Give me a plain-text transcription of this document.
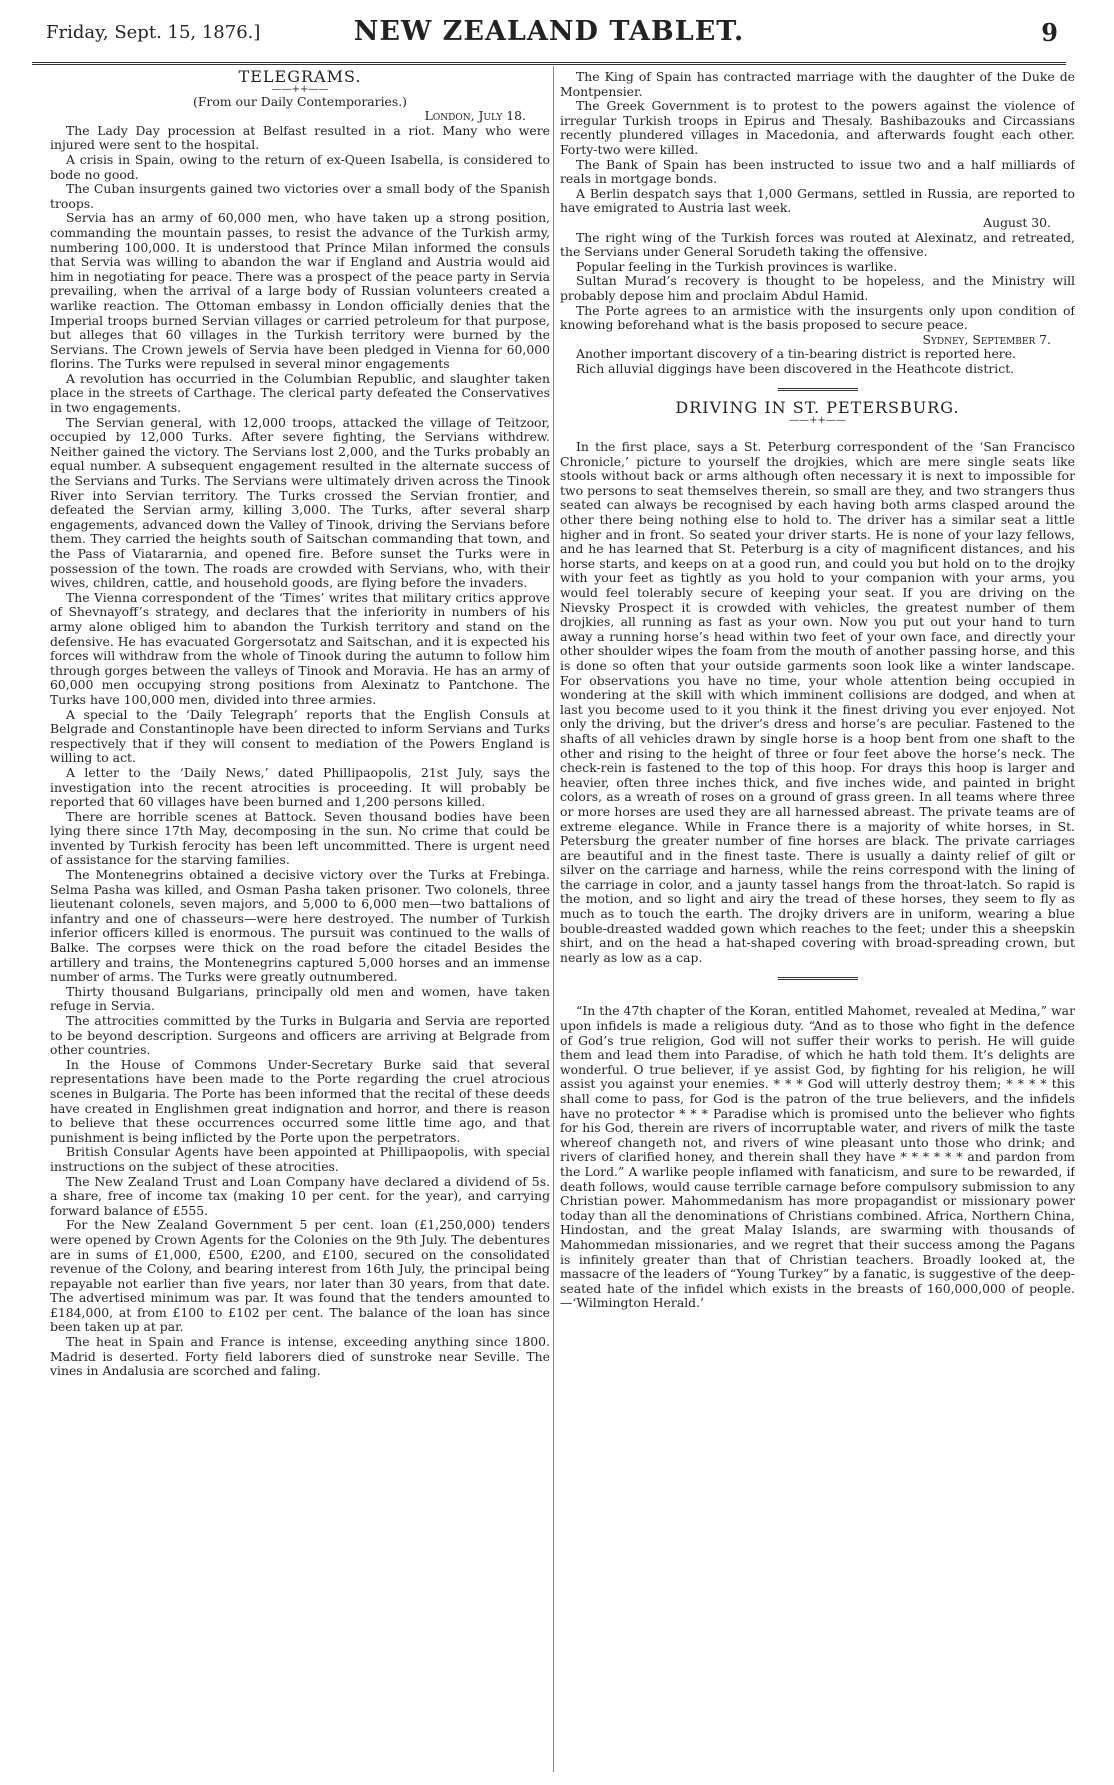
Friday, Sept. 15, 1876.]	NEW ZEALAND TABLET.	9
TELEGRAMS.
——++——

(From our Daily Contemporaries.)

London, July 18.

The Lady Day procession at Belfast resulted in a riot. Many who were injured were sent to the hospital.

A crisis in Spain, owing to the return of ex-Queen Isabella, is considered to bode no good.

The Cuban insurgents gained two victories over a small body of the Spanish troops.

Servia has an army of 60,000 men, who have taken up a strong position, commanding the mountain passes, to resist the advance of the Turkish army, numbering 100,000. It is understood that Prince Milan informed the consuls that Servia was willing to abandon the war if England and Austria would aid him in negotiating for peace. There was a prospect of the peace party in Servia prevailing, when the arrival of a large body of Russian volunteers created a warlike reaction. The Ottoman embassy in London officially denies that the Imperial troops burned Servian villages or carried petroleum for that purpose, but alleges that 60 villages in the Turkish territory were burned by the Servians. The Crown jewels of Servia have been pledged in Vienna for 60,000 florins. The Turks were repulsed in several minor engagements

A revolution has occurried in the Columbian Republic, and slaughter taken place in the streets of Carthage. The clerical party defeated the Conservatives in two engagements.

The Servian general, with 12,000 troops, attacked the village of Teitzoor, occupied by 12,000 Turks. After severe fighting, the Servians withdrew. Neither gained the victory. The Servians lost 2,000, and the Turks probably an equal number. A subsequent engagement resulted in the alternate success of the Servians and Turks. The Servians were ultimately driven across the Tinook River into Servian territory. The Turks crossed the Servian frontier, and defeated the Servian army, killing 3,000. The Turks, after several sharp engagements, advanced down the Valley of Tinook, driving the Servians before them. They carried the heights south of Saitschan commanding that town, and the Pass of Viatararnia, and opened fire. Before sunset the Turks were in possession of the town. The roads are crowded with Servians, who, with their wives, children, cattle, and household goods, are flying before the invaders.

The Vienna correspondent of the ‘Times’ writes that military critics approve of Shevnayoff’s strategy, and declares that the inferiority in numbers of his army alone obliged him to abandon the Turkish territory and stand on the defensive. He has evacuated Gorgersotatz and Saitschan, and it is expected his forces will withdraw from the whole of Tinook during the autumn to follow him through gorges between the valleys of Tinook and Moravia. He has an army of 60,000 men occupying strong positions from Alexinatz to Pantchone. The Turks have 100,000 men, divided into three armies.

A special to the ‘Daily Telegraph’ reports that the English Consuls at Belgrade and Constantinople have been directed to inform Servians and Turks respectively that if they will consent to mediation of the Powers England is willing to act.

A letter to the ‘Daily News,’ dated Phillipaopolis, 21st July, says the investigation into the recent atrocities is proceeding. It will probably be reported that 60 villages have been burned and 1,200 persons killed.

There are horrible scenes at Battock. Seven thousand bodies have been lying there since 17th May, decomposing in the sun. No crime that could be invented by Turkish ferocity has been left uncommitted. There is urgent need of assistance for the starving families.

The Montenegrins obtained a decisive victory over the Turks at Frebinga. Selma Pasha was killed, and Osman Pasha taken prisoner. Two colonels, three lieutenant colonels, seven majors, and 5,000 to 6,000 men—two battalions of infantry and one of chasseurs—were here destroyed. The number of Turkish inferior officers killed is enormous. The pursuit was continued to the walls of Balke. The corpses were thick on the road before the citadel Besides the artillery and trains, the Montenegrins captured 5,000 horses and an immense number of arms. The Turks were greatly outnumbered.

Thirty thousand Bulgarians, principally old men and women, have taken refuge in Servia.

The attrocities committed by the Turks in Bulgaria and Servia are reported to be beyond description. Surgeons and officers are arriving at Belgrade from other countries.

In the House of Commons Under-Secretary Burke said that several representations have been made to the Porte regarding the cruel atrocious scenes in Bulgaria. The Porte has been informed that the recital of these deeds have created in Englishmen great indignation and horror, and there is reason to believe that these occurrences occurred some little time ago, and that punishment is being inflicted by the Porte upon the perpetrators.

British Consular Agents have been appointed at Phillipaopolis, with special instructions on the subject of these atrocities.

The New Zealand Trust and Loan Company have declared a dividend of 5s. a share, free of income tax (making 10 per cent. for the year), and carrying forward balance of £555.

For the New Zealand Government 5 per cent. loan (£1,250,000) tenders were opened by Crown Agents for the Colonies on the 9th July. The debentures are in sums of £1,000, £500, £200, and £100, secured on the consolidated revenue of the Colony, and bearing interest from 16th July, the principal being repayable not earlier than five years, nor later than 30 years, from that date. The advertised minimum was par. It was found that the tenders amounted to £184,000, at from £100 to £102 per cent. The balance of the loan has since been taken up at par.

The heat in Spain and France is intense, exceeding anything since 1800. Madrid is deserted. Forty field laborers died of sunstroke near Seville. The vines in Andalusia are scorched and faling.

The King of Spain has contracted marriage with the daughter of the Duke de Montpensier.

The Greek Government is to protest to the powers against the violence of irregular Turkish troops in Epirus and Thesaly. Bashibazouks and Circassians recently plundered villages in Macedonia, and afterwards fought each other. Forty-two were killed.

The Bank of Spain has been instructed to issue two and a half milliards of reals in mortgage bonds.

A Berlin despatch says that 1,000 Germans, settled in Russia, are reported to have emigrated to Austria last week.

August 30.

The right wing of the Turkish forces was routed at Alexinatz, and retreated, the Servians under General Sorudeth taking the offensive.

Popular feeling in the Turkish provinces is warlike.

Sultan Murad’s recovery is thought to be hopeless, and the Ministry will probably depose him and proclaim Abdul Hamid.

The Porte agrees to an armistice with the insurgents only upon condition of knowing beforehand what is the basis proposed to secure peace.

Sydney, September 7.

Another important discovery of a tin-bearing district is reported here.

Rich alluvial diggings have been discovered in the Heathcote district.

DRIVING IN ST. PETERSBURG.
——++——

In the first place, says a St. Peterburg correspondent of the ‘San Francisco Chronicle,’ picture to yourself the drojkies, which are mere single seats like stools without back or arms although often necessary it is next to impossible for two persons to seat themselves therein, so small are they, and two strangers thus seated can always be recognised by each having both arms clasped around the other there being nothing else to hold to. The driver has a similar seat a little higher and in front. So seated your driver starts. He is none of your lazy fellows, and he has learned that St. Peterburg is a city of magnificent distances, and his horse starts, and keeps on at a good run, and could you but hold on to the drojky with your feet as tightly as you hold to your companion with your arms, you would feel tolerably secure of keeping your seat. If you are driving on the Nievsky Prospect it is crowded with vehicles, the greatest number of them drojkies, all running as fast as your own. Now you put out your hand to turn away a running horse’s head within two feet of your own face, and directly your other shoulder wipes the foam from the mouth of another passing horse, and this is done so often that your outside garments soon look like a winter landscape. For observations you have no time, your whole attention being occupied in wondering at the skill with which imminent collisions are dodged, and when at last you become used to it you think it the finest driving you ever enjoyed. Not only the driving, but the driver’s dress and horse’s are peculiar. Fastened to the shafts of all vehicles drawn by single horse is a hoop bent from one shaft to the other and rising to the height of three or four feet above the horse’s neck. The check-rein is fastened to the top of this hoop. For drays this hoop is larger and heavier, often three inches thick, and five inches wide, and painted in bright colors, as a wreath of roses on a ground of grass green. In all teams where three or more horses are used they are all harnessed abreast. The private teams are of extreme elegance. While in France there is a majority of white horses, in St. Petersburg the greater number of fine horses are black. The private carriages are beautiful and in the finest taste. There is usually a dainty relief of gilt or silver on the carriage and harness, while the reins correspond with the lining of the carriage in color, and a jaunty tassel hangs from the throat-latch. So rapid is the motion, and so light and airy the tread of these horses, they seem to fly as much as to touch the earth. The drojky drivers are in uniform, wearing a blue bouble-dreasted wadded gown which reaches to the feet; under this a sheepskin shirt, and on the head a hat-shaped covering with broad-spreading crown, but nearly as low as a cap.

“In the 47th chapter of the Koran, entitled Mahomet, revealed at Medina,” war upon infidels is made a religious duty. “And as to those who fight in the defence of God’s true religion, God will not suffer their works to perish. He will guide them and lead them into Paradise, of which he hath told them. It’s delights are wonderful. O true believer, if ye assist God, by fighting for his religion, he will assist you against your enemies. * * * God will utterly destroy them; * * * * this shall come to pass, for God is the patron of the true believers, and the infidels have no protector * * * Paradise which is promised unto the believer who fights for his God, therein are rivers of incorruptable water, and rivers of milk the taste whereof changeth not, and rivers of wine pleasant unto those who drink; and rivers of clarified honey, and therein shall they have * * * * * * and pardon from the Lord.” A warlike people inflamed with fanaticism, and sure to be rewarded, if death follows, would cause terrible carnage before compulsory submission to any Christian power. Mahommedanism has more propagandist or missionary power today than all the denominations of Christians combined. Africa, Northern China, Hindostan, and the great Malay Islands, are swarming with thousands of Mahommedan missionaries, and we regret that their success among the Pagans is infinitely greater than that of Christian teachers. Broadly looked at, the massacre of the leaders of “Young Turkey” by a fanatic, is suggestive of the deep-seated hate of the infidel which exists in the breasts of 160,000,000 of people.—‘Wilmington Herald.’
